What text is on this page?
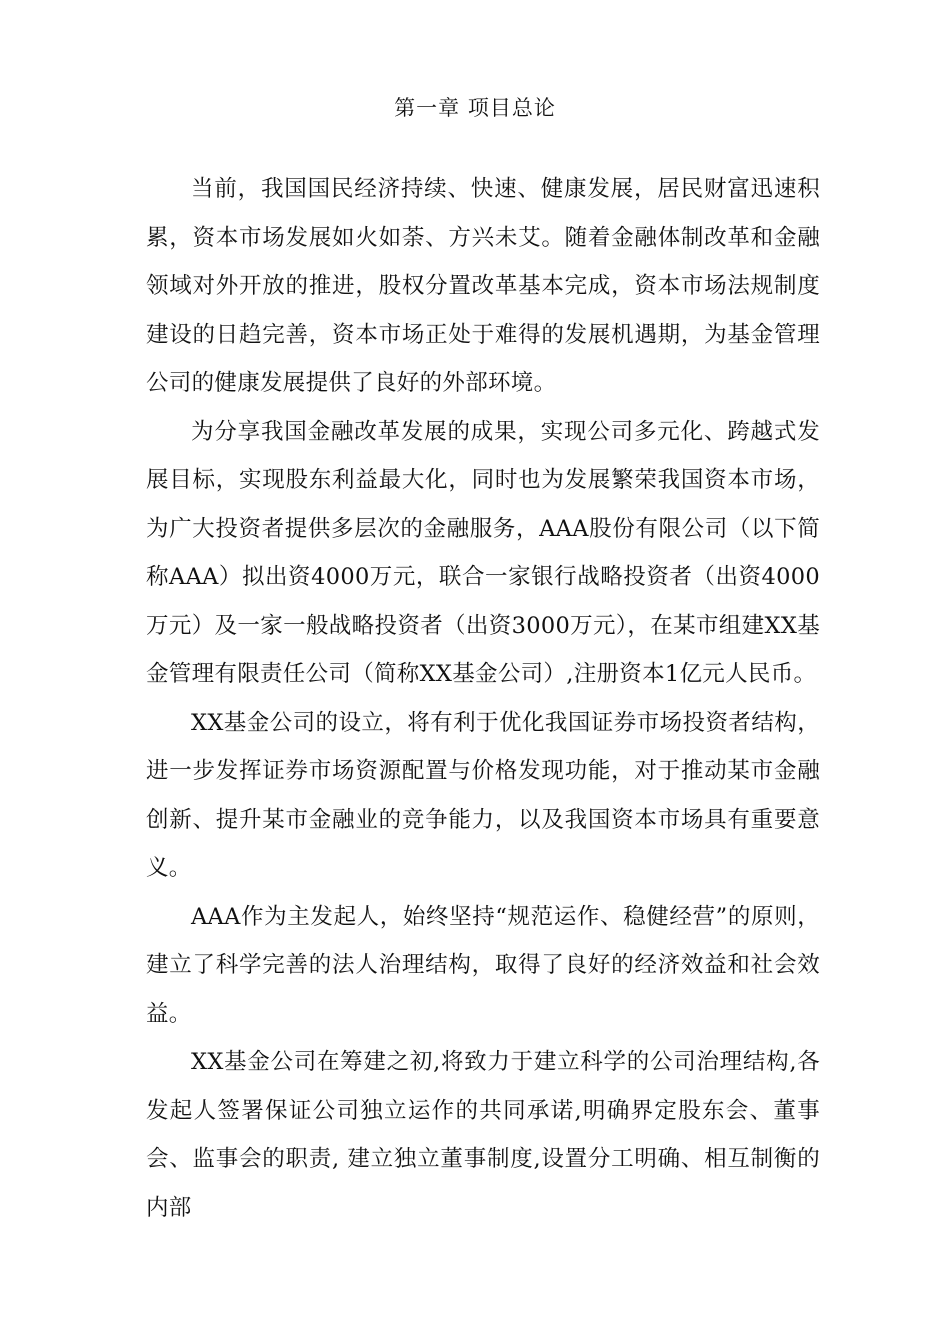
第一章 项目总论

当前，我国国民经济持续、快速、健康发展，居民财富迅速积累，资本市场发展如火如荼、方兴未艾。随着金融体制改革和金融领域对外开放的推进，股权分置改革基本完成，资本市场法规制度建设的日趋完善，资本市场正处于难得的发展机遇期，为基金管理公司的健康发展提供了良好的外部环境。

为分享我国金融改革发展的成果，实现公司多元化、跨越式发展目标，实现股东利益最大化，同时也为发展繁荣我国资本市场，为广大投资者提供多层次的金融服务，AAA股份有限公司（以下简称AAA）拟出资4000万元，联合一家银行战略投资者（出资4000万元）及一家一般战略投资者（出资3000万元），在某市组建XX基金管理有限责任公司（简称XX基金公司）,注册资本1亿元人民币。

XX基金公司的设立，将有利于优化我国证券市场投资者结构，进一步发挥证券市场资源配置与价格发现功能，对于推动某市金融创新、提升某市金融业的竞争能力，以及我国资本市场具有重要意义。

AAA作为主发起人，始终坚持“规范运作、稳健经营”的原则，建立了科学完善的法人治理结构，取得了良好的经济效益和社会效益。

XX基金公司在筹建之初,将致力于建立科学的公司治理结构,各发起人签署保证公司独立运作的共同承诺,明确界定股东会、董事会、监事会的职责, 建立独立董事制度,设置分工明确、相互制衡的内部
